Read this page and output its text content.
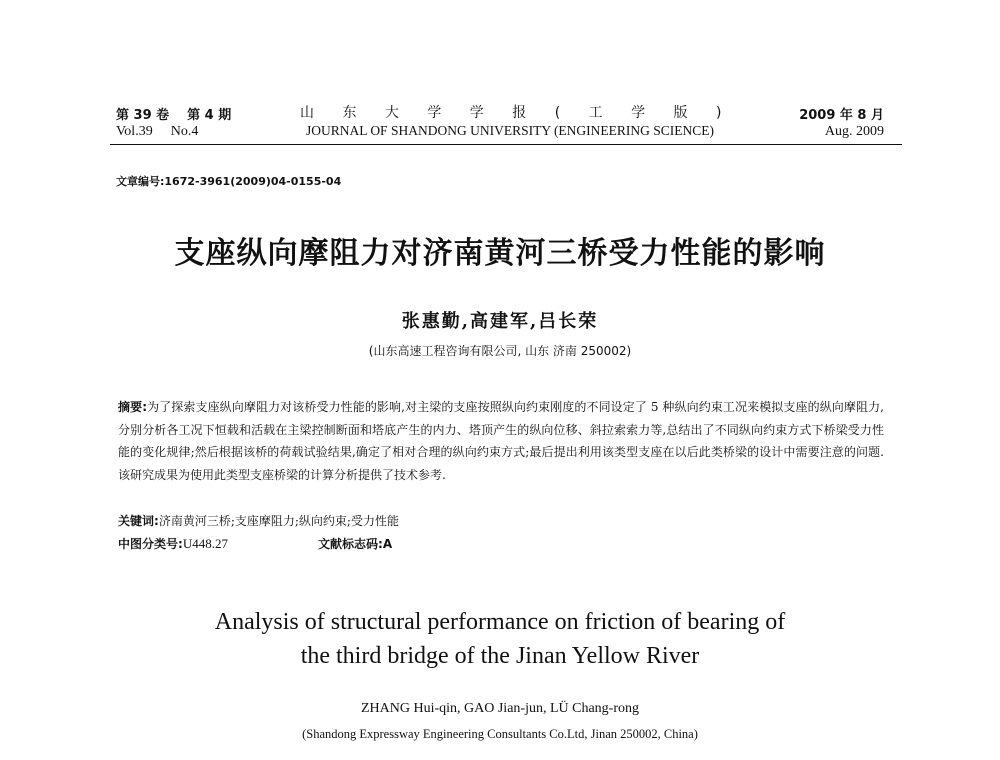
第 39 卷 第 4 期
Vol.39 No.4
山 东 大 学 学 报 ( 工 学 版 )
JOURNAL OF SHANDONG UNIVERSITY (ENGINEERING SCIENCE)
2009 年 8 月
Aug. 2009
文章编号:1672-3961(2009)04-0155-04
支座纵向摩阻力对济南黄河三桥受力性能的影响
张惠勤,高建军,吕长荣
(山东高速工程咨询有限公司, 山东 济南 250002)
摘要:为了探索支座纵向摩阻力对该桥受力性能的影响,对主梁的支座按照纵向约束刚度的不同设定了 5 种纵向约束工况来模拟支座的纵向摩阻力,分别分析各工况下恒载和活载在主梁控制断面和塔底产生的内力、塔顶产生的纵向位移、斜拉索索力等,总结出了不同纵向约束方式下桥梁受力性能的变化规律;然后根据该桥的荷载试验结果,确定了相对合理的纵向约束方式;最后提出利用该类型支座在以后此类桥梁的设计中需要注意的问题.该研究成果为使用此类型支座桥梁的计算分析提供了技术参考.
关键词:济南黄河三桥;支座摩阻力;纵向约束;受力性能
中图分类号:U448.27	文献标志码:A
Analysis of structural performance on friction of bearing of
the third bridge of the Jinan Yellow River
ZHANG Hui-qin, GAO Jian-jun, LÜ Chang-rong
(Shandong Expressway Engineering Consultants Co.Ltd, Jinan 250002, China)
